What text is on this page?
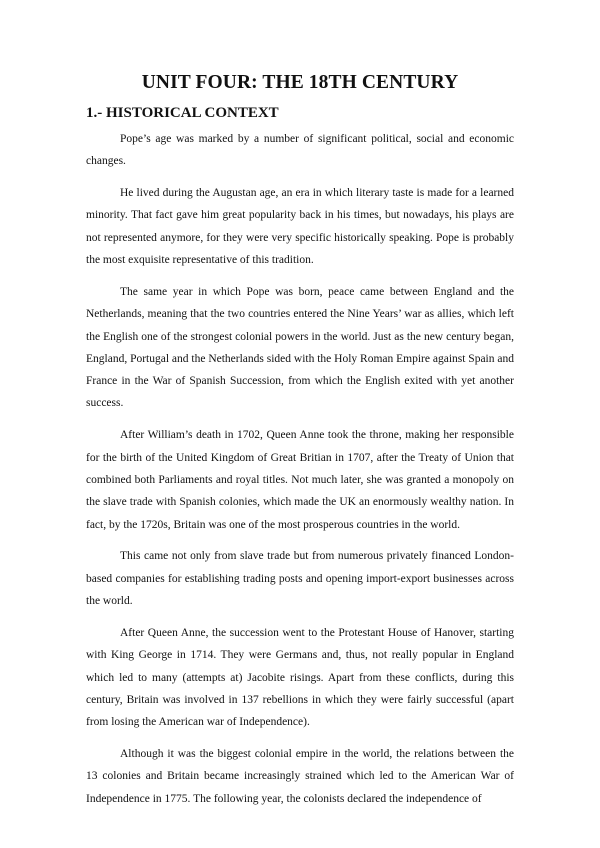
UNIT FOUR: THE 18TH CENTURY
1.- HISTORICAL CONTEXT

Pope’s age was marked by a number of significant political, social and economic changes.

He lived during the Augustan age, an era in which literary taste is made for a learned minority. That fact gave him great popularity back in his times, but nowadays, his plays are not represented anymore, for they were very specific historically speaking. Pope is probably the most exquisite representative of this tradition.

The same year in which Pope was born, peace came between England and the Netherlands, meaning that the two countries entered the Nine Years’ war as allies, which left the English one of the strongest colonial powers in the world. Just as the new century began, England, Portugal and the Netherlands sided with the Holy Roman Empire against Spain and France in the War of Spanish Succession, from which the English exited with yet another success.

After William’s death in 1702, Queen Anne took the throne, making her responsible for the birth of the United Kingdom of Great Britian in 1707, after the Treaty of Union that combined both Parliaments and royal titles. Not much later, she was granted a monopoly on the slave trade with Spanish colonies, which made the UK an enormously wealthy nation. In fact, by the 1720s, Britain was one of the most prosperous countries in the world.

This came not only from slave trade but from numerous privately financed London-based companies for establishing trading posts and opening import-export businesses across the world.

After Queen Anne, the succession went to the Protestant House of Hanover, starting with King George in 1714. They were Germans and, thus, not really popular in England which led to many (attempts at) Jacobite risings. Apart from these conflicts, during this century, Britain was involved in 137 rebellions in which they were fairly successful (apart from losing the American war of Independence).

Although it was the biggest colonial empire in the world, the relations between the 13 colonies and Britain became increasingly strained which led to the American War of Independence in 1775. The following year, the colonists declared the independence of
